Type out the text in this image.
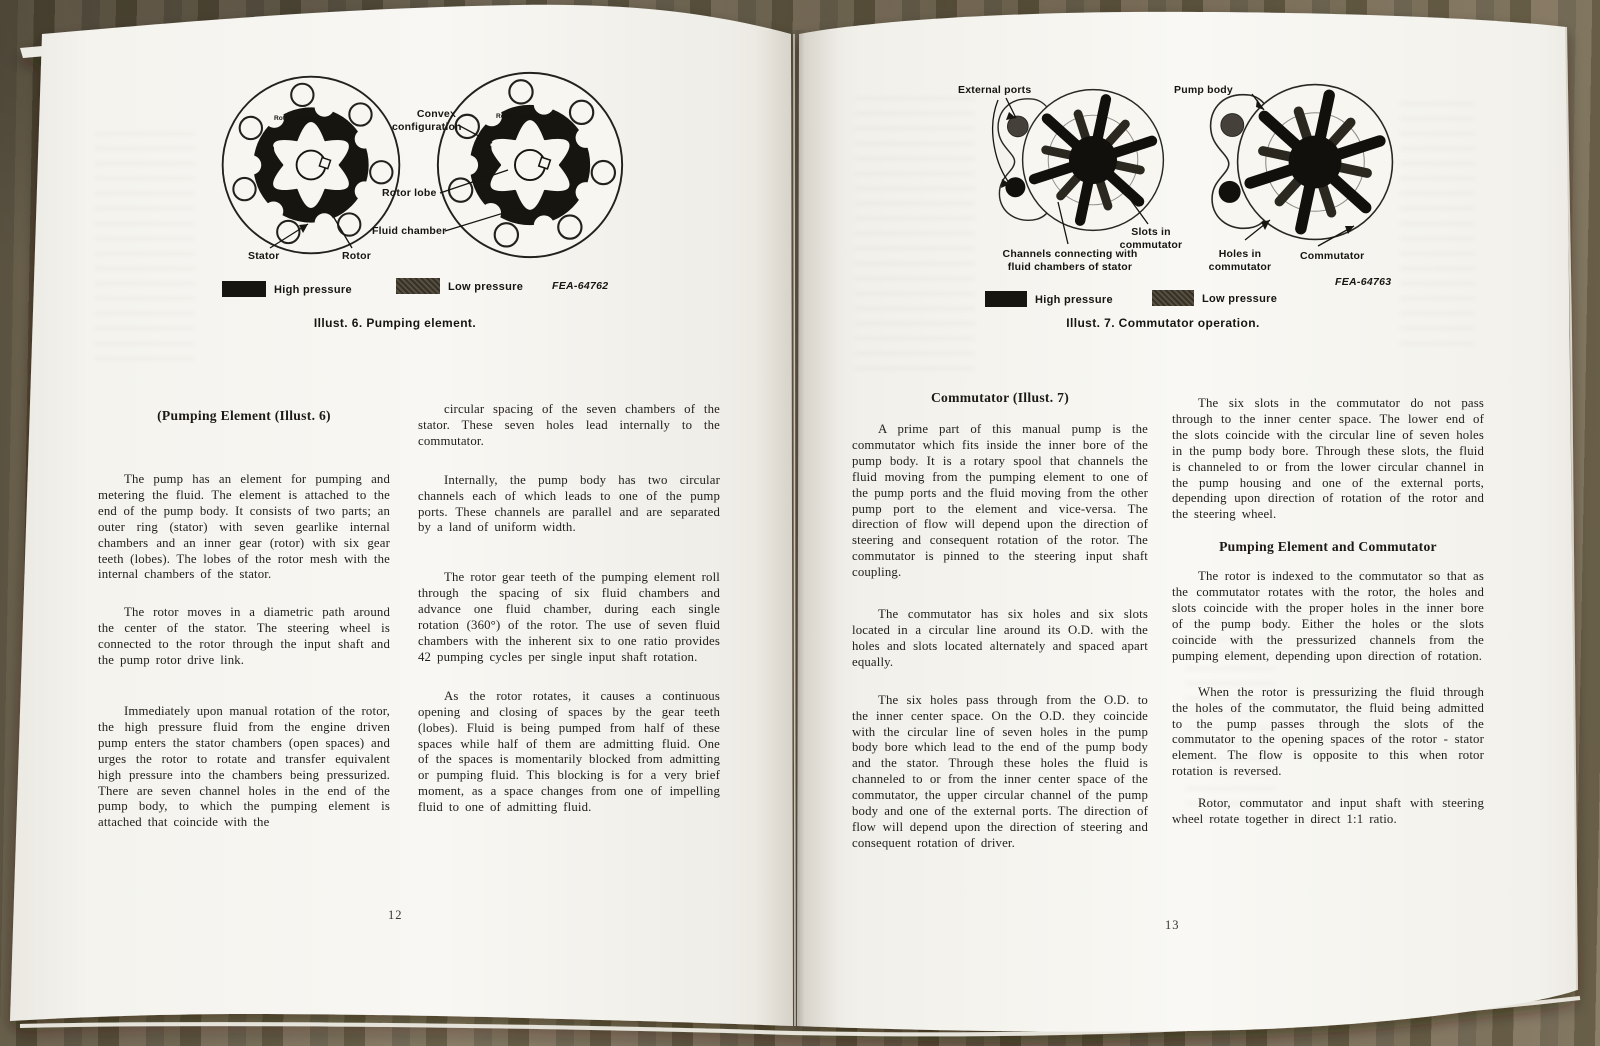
Rotor rotation	Rotor rotation
Convex
configuration
Rotor lobe
Fluid chamber
Stator	Rotor
High pressure	Low pressure	FEA-64762
Illust. 6. Pumping element.
(Pumping Element (Illust. 6)

The pump has an element for pumping and metering the fluid. The element is attached to the end of the pump body. It consists of two parts; an outer ring (stator) with seven gearlike internal chambers and an inner gear (rotor) with six gear teeth (lobes). The lobes of the rotor mesh with the internal chambers of the stator.

The rotor moves in a diametric path around the center of the stator. The steering wheel is connected to the rotor through the input shaft and the pump rotor drive link.

Immediately upon manual rotation of the rotor, the high pressure fluid from the engine driven pump enters the stator chambers (open spaces) and urges the rotor to rotate and transfer equivalent high pressure into the chambers being pressurized. There are seven channel holes in the end of the pump body, to which the pumping element is attached that coincide with the

circular spacing of the seven chambers of the stator. These seven holes lead internally to the commutator.

Internally, the pump body has two circular channels each of which leads to one of the pump ports. These channels are parallel and are separated by a land of uniform width.

The rotor gear teeth of the pumping element roll through the spacing of six fluid chambers and advance one fluid chamber, during each single rotation (360°) of the rotor. The use of seven fluid chambers with the inherent six to one ratio provides 42 pumping cycles per single input shaft rotation.

As the rotor rotates, it causes a continuous opening and closing of spaces by the gear teeth (lobes). Fluid is being pumped from half of these spaces while half of them are admitting fluid. One of the spaces is momentarily blocked from admitting or pumping fluid. This blocking is for a very brief moment, as a space changes from one of impelling fluid to one of admitting fluid.

12
External ports	Pump body
Slots in
commutator
Channels connecting with
fluid chambers of stator
Holes in
commutator
Commutator
FEA-64763
High pressure	Low pressure
Illust. 7. Commutator operation.
Commutator (Illust. 7)

A prime part of this manual pump is the commutator which fits inside the inner bore of the pump body. It is a rotary spool that channels the fluid moving from the pumping element to one of the pump ports and the fluid moving from the other pump port to the element and vice-versa. The direction of flow will depend upon the direction of steering and consequent rotation of the rotor. The commutator is pinned to the steering input shaft coupling.

The commutator has six holes and six slots located in a circular line around its O.D. with the holes and slots located alternately and spaced apart equally.

The six holes pass through from the O.D. to the inner center space. On the O.D. they coincide with the circular line of seven holes in the pump body bore which lead to the end of the pump body and the stator. Through these holes the fluid is channeled to or from the inner center space of the commutator, the upper circular channel of the pump body and one of the external ports. The direction of flow will depend upon the direction of steering and consequent rotation of driver.

The six slots in the commutator do not pass through to the inner center space. The lower end of the slots coincide with the circular line of seven holes in the pump body bore. Through these slots, the fluid is channeled to or from the lower circular channel in the pump housing and one of the external ports, depending upon direction of rotation of the rotor and the steering wheel.

Pumping Element and Commutator

The rotor is indexed to the commutator so that as the commutator rotates with the rotor, the holes and slots coincide with the proper holes in the inner bore of the pump body. Either the holes or the slots coincide with the pressurized channels from the pumping element, depending upon direction of rotation.

When the rotor is pressurizing the fluid through the holes of the commutator, the fluid being admitted to the pump passes through the slots of the commutator to the opening spaces of the rotor - stator element. The flow is opposite to this when rotor rotation is reversed.

Rotor, commutator and input shaft with steering wheel rotate together in direct 1:1 ratio.

13
